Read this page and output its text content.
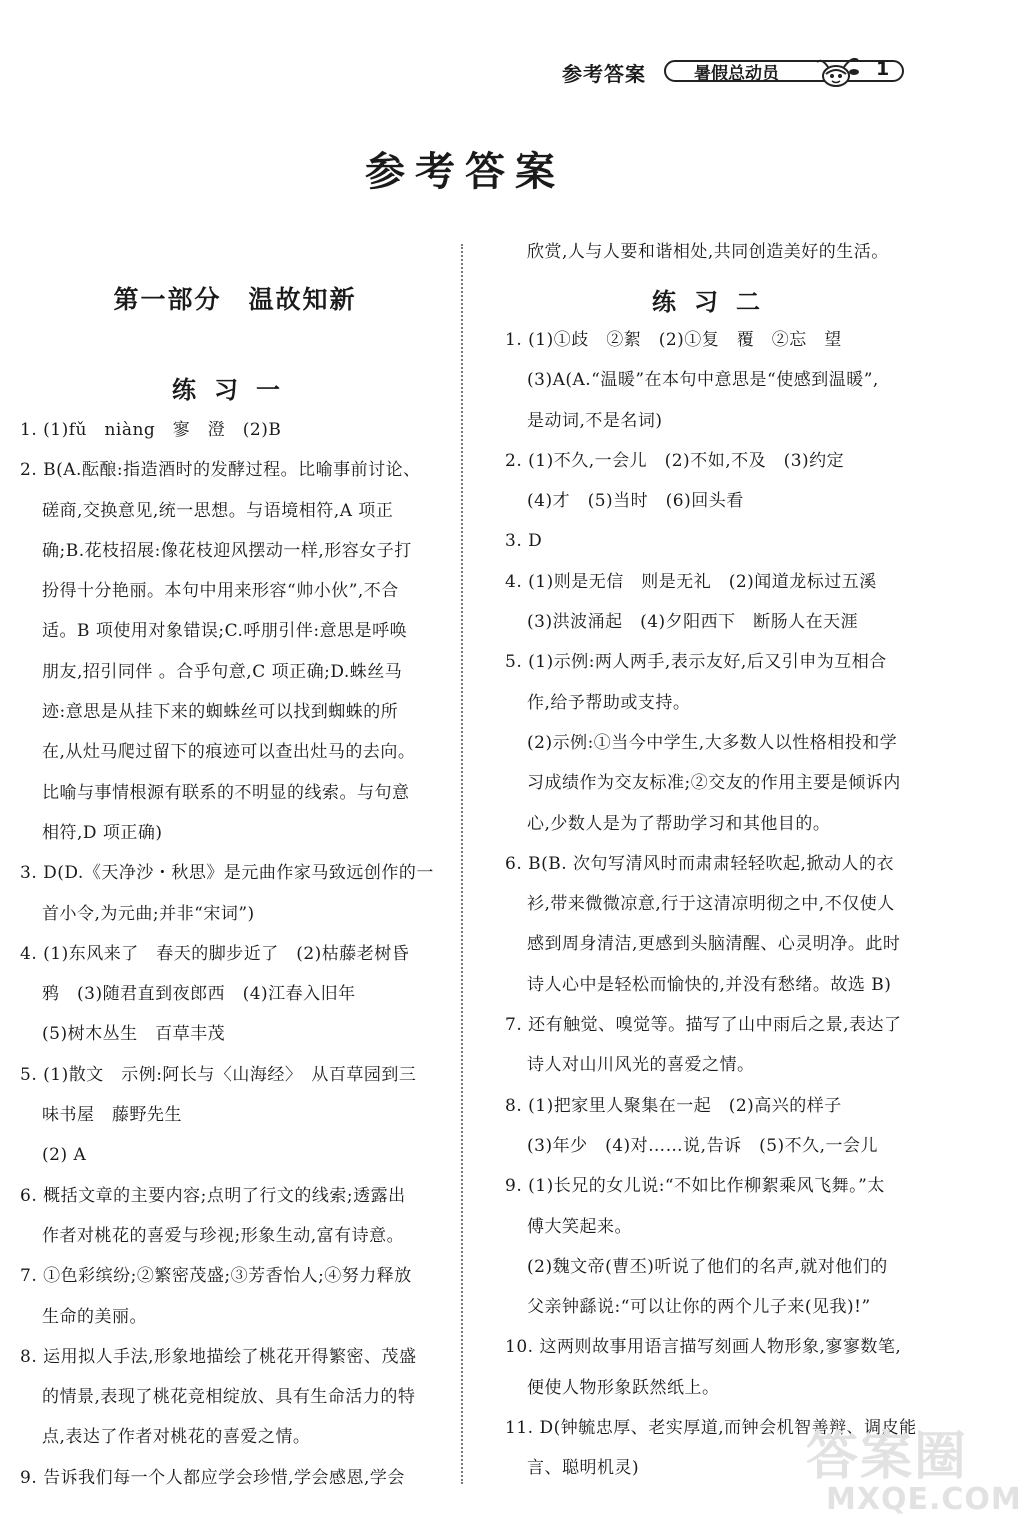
参考答案	暑假总动员	1
参考答案
第一部分　温故知新
练习一

1. (1)fǔ　niàng　寥　澄　(2)B

2. B(A.酝酿:指造酒时的发酵过程。比喻事前讨论、

磋商,交换意见,统一思想。与语境相符,A 项正

确;B.花枝招展:像花枝迎风摆动一样,形容女子打

扮得十分艳丽。本句中用来形容“帅小伙”,不合

适。B 项使用对象错误;C.呼朋引伴:意思是呼唤

朋友,招引同伴 。合乎句意,C 项正确;D.蛛丝马

迹:意思是从挂下来的蜘蛛丝可以找到蜘蛛的所

在,从灶马爬过留下的痕迹可以查出灶马的去向。

比喻与事情根源有联系的不明显的线索。与句意

相符,D 项正确)

3. D(D.《天净沙・秋思》是元曲作家马致远创作的一

首小令,为元曲;并非“宋词”)

4. (1)东风来了　春天的脚步近了　(2)枯藤老树昏

鸦　(3)随君直到夜郎西　(4)江春入旧年

(5)树木丛生　百草丰茂

5. (1)散文　示例:阿长与〈山海经〉　从百草园到三

味书屋　藤野先生

(2) A

6. 概括文章的主要内容;点明了行文的线索;透露出

作者对桃花的喜爱与珍视;形象生动,富有诗意。

7. ①色彩缤纷;②繁密茂盛;③芳香怡人;④努力释放

生命的美丽。

8. 运用拟人手法,形象地描绘了桃花开得繁密、茂盛

的情景,表现了桃花竞相绽放、具有生命活力的特

点,表达了作者对桃花的喜爱之情。

9. 告诉我们每一个人都应学会珍惜,学会感恩,学会

欣赏,人与人要和谐相处,共同创造美好的生活。

练习二

1. (1)①歧　②絮　(2)①复　覆　②忘　望

(3)A(A.“温暖”在本句中意思是“使感到温暖”,

是动词,不是名词)

2. (1)不久,一会儿　(2)不如,不及　(3)约定

(4)才　(5)当时　(6)回头看

3. D

4. (1)则是无信　则是无礼　(2)闻道龙标过五溪

(3)洪波涌起　(4)夕阳西下　断肠人在天涯

5. (1)示例:两人两手,表示友好,后又引申为互相合

作,给予帮助或支持。

(2)示例:①当今中学生,大多数人以性格相投和学

习成绩作为交友标准;②交友的作用主要是倾诉内

心,少数人是为了帮助学习和其他目的。

6. B(B. 次句写清风时而肃肃轻轻吹起,掀动人的衣

衫,带来微微凉意,行于这清凉明彻之中,不仅使人

感到周身清洁,更感到头脑清醒、心灵明净。此时

诗人心中是轻松而愉快的,并没有愁绪。故选 B)

7. 还有触觉、嗅觉等。描写了山中雨后之景,表达了

诗人对山川风光的喜爱之情。

8. (1)把家里人聚集在一起　(2)高兴的样子

(3)年少　(4)对……说,告诉　(5)不久,一会儿

9. (1)长兄的女儿说:“不如比作柳絮乘风飞舞。”太

傅大笑起来。

(2)魏文帝(曹丕)听说了他们的名声,就对他们的

父亲钟繇说:“可以让你的两个儿子来(见我)!”

10. 这两则故事用语言描写刻画人物形象,寥寥数笔,

便使人物形象跃然纸上。

11. D(钟毓忠厚、老实厚道,而钟会机智善辩、调皮能

言、聪明机灵)	答案圈
MXQE.COM
